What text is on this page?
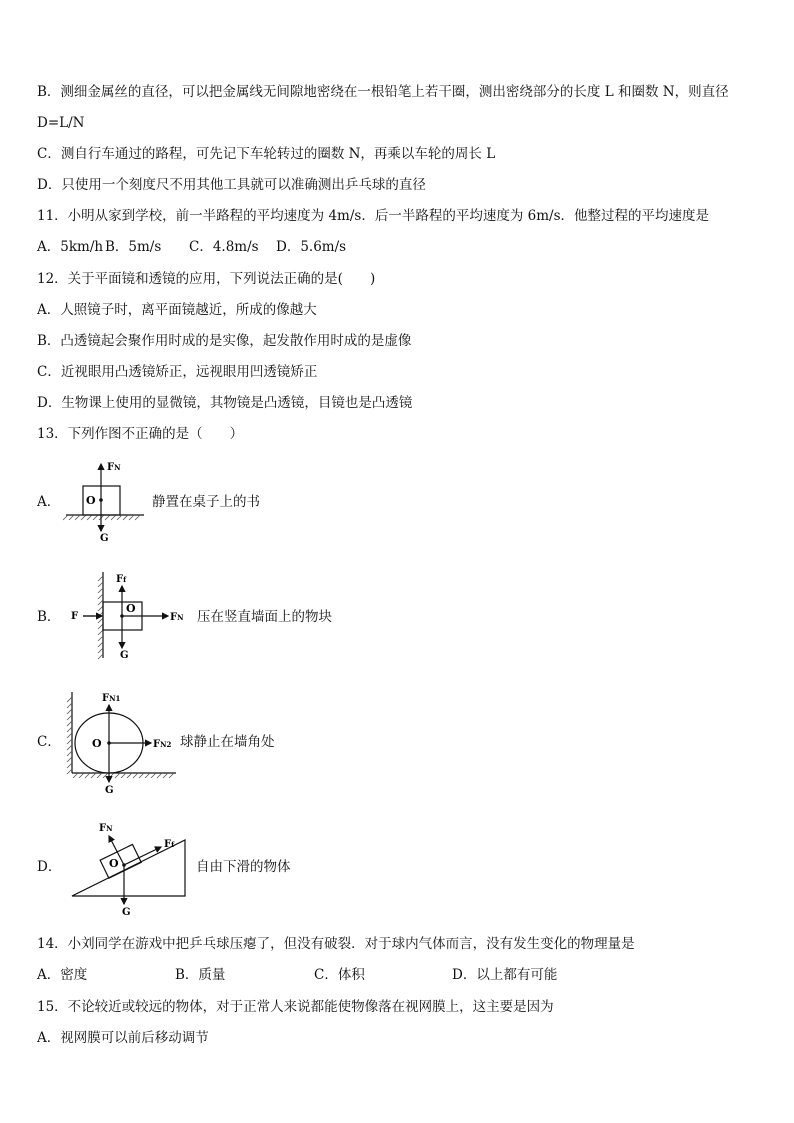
B．测细金属丝的直径，可以把金属线无间隙地密绕在一根铅笔上若干圈，测出密绕部分的长度 L 和圈数 N，则直径
D=L/N
C．测自行车通过的路程，可先记下车轮转过的圈数 N，再乘以车轮的周长 L
D．只使用一个刻度尺不用其他工具就可以准确测出乒乓球的直径
11．小明从家到学校，前一半路程的平均速度为 4m/s．后一半路程的平均速度为 6m/s．他整过程的平均速度是
A．5km/h B．5m/s C．4.8m/s D．5.6m/s
12．关于平面镜和透镜的应用，下列说法正确的是(　　)
A．人照镜子时，离平面镜越近，所成的像越大
B．凸透镜起会聚作用时成的是实像，起发散作用时成的是虚像
C．近视眼用凸透镜矫正，远视眼用凹透镜矫正
D．生物课上使用的显微镜，其物镜是凸透镜，目镜也是凸透镜
13．下列作图不正确的是（　　）
A． O
FN
G
静置在桌子上的书
B．
O
Ff
F	FN
G
压在竖直墙面上的物块
C．	O
FN1
FN2
G
球静止在墙角处
D．	O
FN
Ff
G
自由下滑的物体
14．小刘同学在游戏中把乒乓球压瘪了，但没有破裂．对于球内气体而言，没有发生变化的物理量是
A．密度	B．质量	C．体积	D．以上都有可能
15．不论较近或较远的物体，对于正常人来说都能使物像落在视网膜上，这主要是因为
A．视网膜可以前后移动调节
